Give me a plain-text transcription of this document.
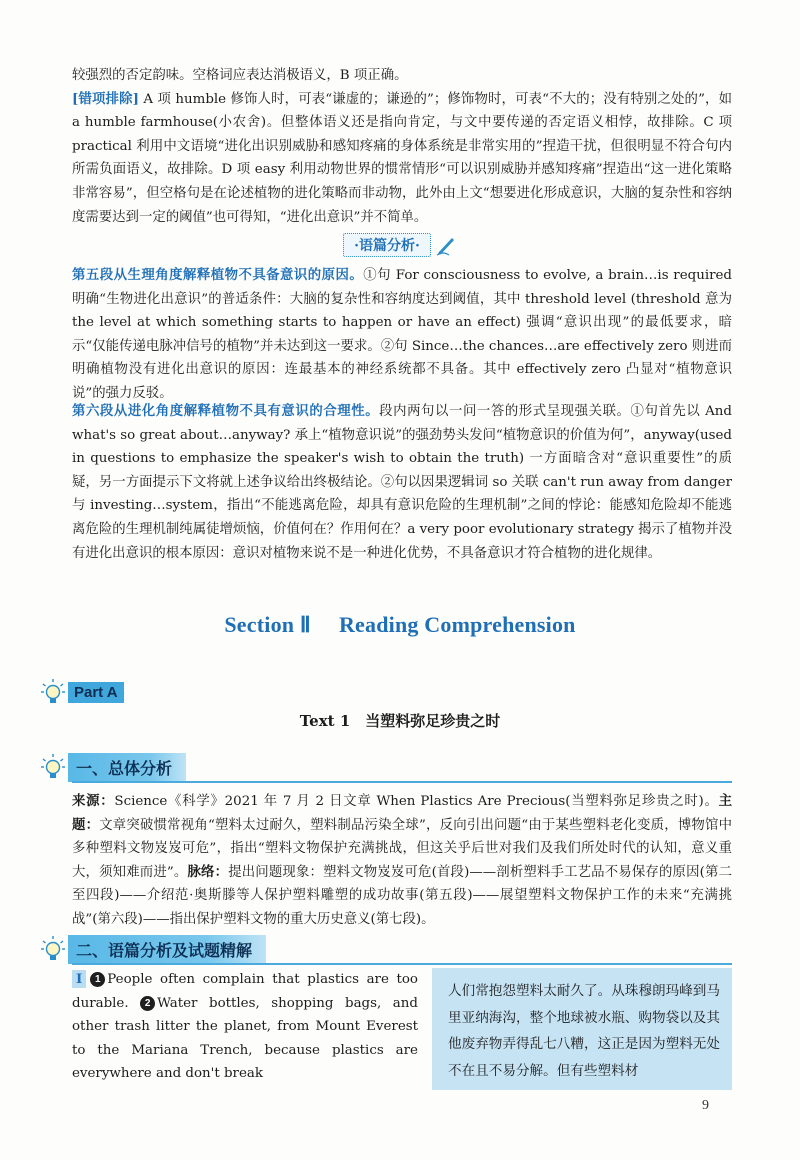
较强烈的否定韵味。空格词应表达消极语义，B 项正确。

[错项排除] A 项 humble 修饰人时，可表“谦虚的；谦逊的”；修饰物时，可表“不大的；没有特别之处的”，如 a humble farmhouse(小农舍)。但整体语义还是指向肯定，与文中要传递的否定语义相悖，故排除。C 项 practical 利用中文语境“进化出识别威胁和感知疼痛的身体系统是非常实用的”捏造干扰，但很明显不符合句内所需负面语义，故排除。D 项 easy 利用动物世界的惯常情形“可以识别威胁并感知疼痛”捏造出“这一进化策略非常容易”，但空格句是在论述植物的进化策略而非动物，此外由上文“想要进化形成意识，大脑的复杂性和容纳度需要达到一定的阈值”也可得知，“进化出意识”并不简单。

·语篇分析·

第五段从生理角度解释植物不具备意识的原因。①句 For consciousness to evolve, a brain…is required 明确“生物进化出意识”的普适条件：大脑的复杂性和容纳度达到阈值，其中 threshold level (threshold 意为 the level at which something starts to happen or have an effect) 强调“意识出现”的最低要求，暗示“仅能传递电脉冲信号的植物”并未达到这一要求。②句 Since…the chances…are effectively zero 则进而明确植物没有进化出意识的原因：连最基本的神经系统都不具备。其中 effectively zero 凸显对“植物意识说”的强力反驳。

第六段从进化角度解释植物不具有意识的合理性。段内两句以一问一答的形式呈现强关联。①句首先以 And what's so great about…anyway? 承上“植物意识说”的强劲势头发问“植物意识的价值为何”，anyway(used in questions to emphasize the speaker's wish to obtain the truth) 一方面暗含对“意识重要性”的质疑，另一方面提示下文将就上述争议给出终极结论。②句以因果逻辑词 so 关联 can't run away from danger 与 investing…system，指出“不能逃离危险，却具有意识危险的生理机制”之间的悖论：能感知危险却不能逃离危险的生理机制纯属徒增烦恼，价值何在？作用何在？a very poor evolutionary strategy 揭示了植物并没有进化出意识的根本原因：意识对植物来说不是一种进化优势，不具备意识才符合植物的进化规律。

Section Ⅱ Reading Comprehension
Part A
Text 1　当塑料弥足珍贵之时
一、总体分析

来源：Science《科学》2021 年 7 月 2 日文章 When Plastics Are Precious(当塑料弥足珍贵之时)。主题：文章突破惯常视角“塑料太过耐久，塑料制品污染全球”，反向引出问题“由于某些塑料老化变质，博物馆中多种塑料文物岌岌可危”，指出“塑料文物保护充满挑战，但这关乎后世对我们及我们所处时代的认知，意义重大，须知难而进”。脉络：提出问题现象：塑料文物岌岌可危(首段)——剖析塑料手工艺品不易保存的原因(第二至四段)——介绍范·奥斯滕等人保护塑料雕塑的成功故事(第五段)——展望塑料文物保护工作的未来“充满挑战”(第六段)——指出保护塑料文物的重大历史意义(第七段)。

二、语篇分析及试题精解

Ⅰ 1 People often complain that plastics are too durable. 2 Water bottles, shopping bags, and other trash litter the planet, from Mount Everest to the Mariana Trench, because plastics are everywhere and don't break

人们常抱怨塑料太耐久了。从珠穆朗玛峰到马里亚纳海沟，整个地球被水瓶、购物袋以及其他废弃物弄得乱七八糟，这正是因为塑料无处不在且不易分解。但有些塑料材
9
